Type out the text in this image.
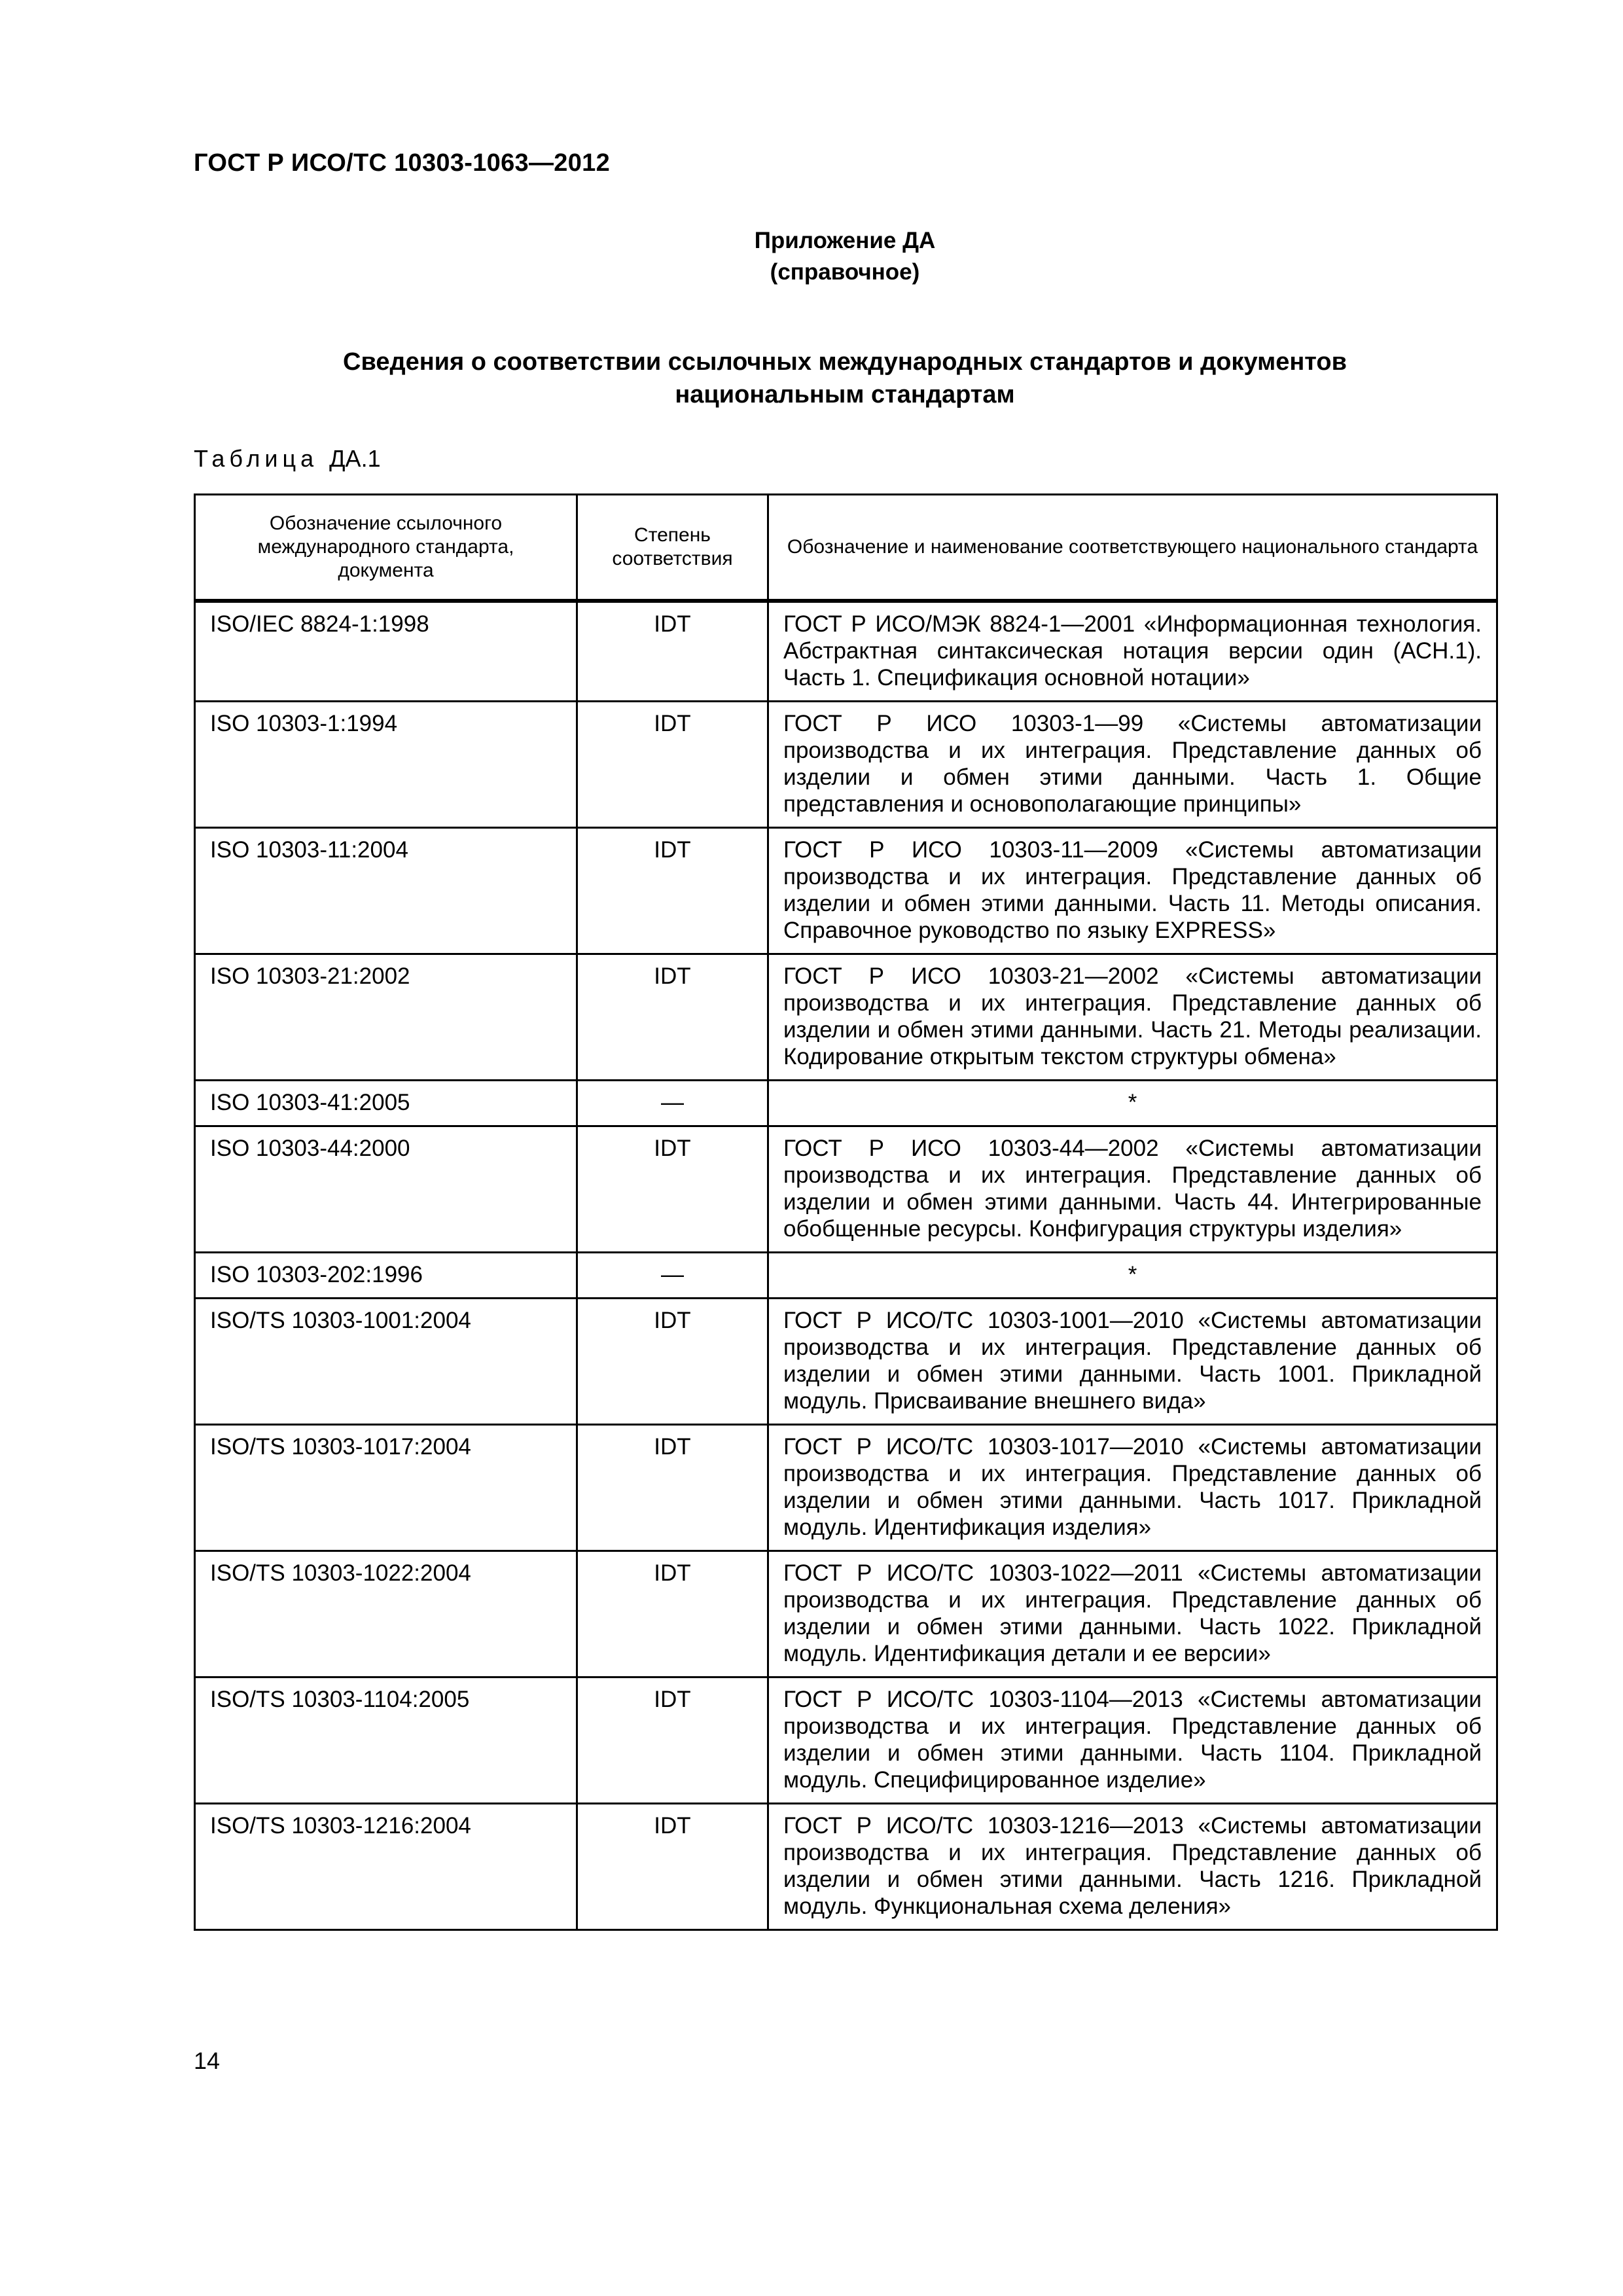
ГОСТ Р ИСО/ТС 10303-1063—2012
Приложение ДА
(справочное)
Сведения о соответствии ссылочных международных стандартов и документов
национальным стандартам
Таблица ДА.1
Обозначение ссылочного международного стандарта, документа	Степень соответствия	Обозначение и наименование соответствующего национального стандарта
ISO/IEC 8824-1:1998	IDT	ГОСТ Р ИСО/МЭК 8824-1—2001 «Информационная технология. Абстрактная синтаксическая нотация версии один (АСН.1). Часть 1. Спецификация основной нотации»
ISO 10303-1:1994	IDT	ГОСТ Р ИСО 10303-1—99 «Системы автоматизации производства и их интеграция. Представление данных об изделии и обмен этими данными. Часть 1. Общие представления и основополагающие принципы»
ISO 10303-11:2004	IDT	ГОСТ Р ИСО 10303-11—2009 «Системы автоматизации производства и их интеграция. Представление данных об изделии и обмен этими данными. Часть 11. Методы описания. Справочное руководство по языку EXPRESS»
ISO 10303-21:2002	IDT	ГОСТ Р ИСО 10303-21—2002 «Системы автоматизации производства и их интеграция. Представление данных об изделии и обмен этими данными. Часть 21. Методы реализации. Кодирование открытым текстом структуры обмена»
ISO 10303-41:2005	—	*
ISO 10303-44:2000	IDT	ГОСТ Р ИСО 10303-44—2002 «Системы автоматизации производства и их интеграция. Представление данных об изделии и обмен этими данными. Часть 44. Интегрированные обобщенные ресурсы. Конфигурация структуры изделия»
ISO 10303-202:1996	—	*
ISO/TS 10303-1001:2004	IDT	ГОСТ Р ИСО/ТС 10303-1001—2010 «Системы автоматизации производства и их интеграция. Представление данных об изделии и обмен этими данными. Часть 1001. Прикладной модуль. Присваивание внешнего вида»
ISO/TS 10303-1017:2004	IDT	ГОСТ Р ИСО/ТС 10303-1017—2010 «Системы автоматизации производства и их интеграция. Представление данных об изделии и обмен этими данными. Часть 1017. Прикладной модуль. Идентификация изделия»
ISO/TS 10303-1022:2004	IDT	ГОСТ Р ИСО/ТС 10303-1022—2011 «Системы автоматизации производства и их интеграция. Представление данных об изделии и обмен этими данными. Часть 1022. Прикладной модуль. Идентификация детали и ее версии»
ISO/TS 10303-1104:2005	IDT	ГОСТ Р ИСО/ТС 10303-1104—2013 «Системы автоматизации производства и их интеграция. Представление данных об изделии и обмен этими данными. Часть 1104. Прикладной модуль. Специфицированное изделие»
ISO/TS 10303-1216:2004	IDT	ГОСТ Р ИСО/ТС 10303-1216—2013 «Системы автоматизации производства и их интеграция. Представление данных об изделии и обмен этими данными. Часть 1216. Прикладной модуль. Функциональная схема деления»
14
